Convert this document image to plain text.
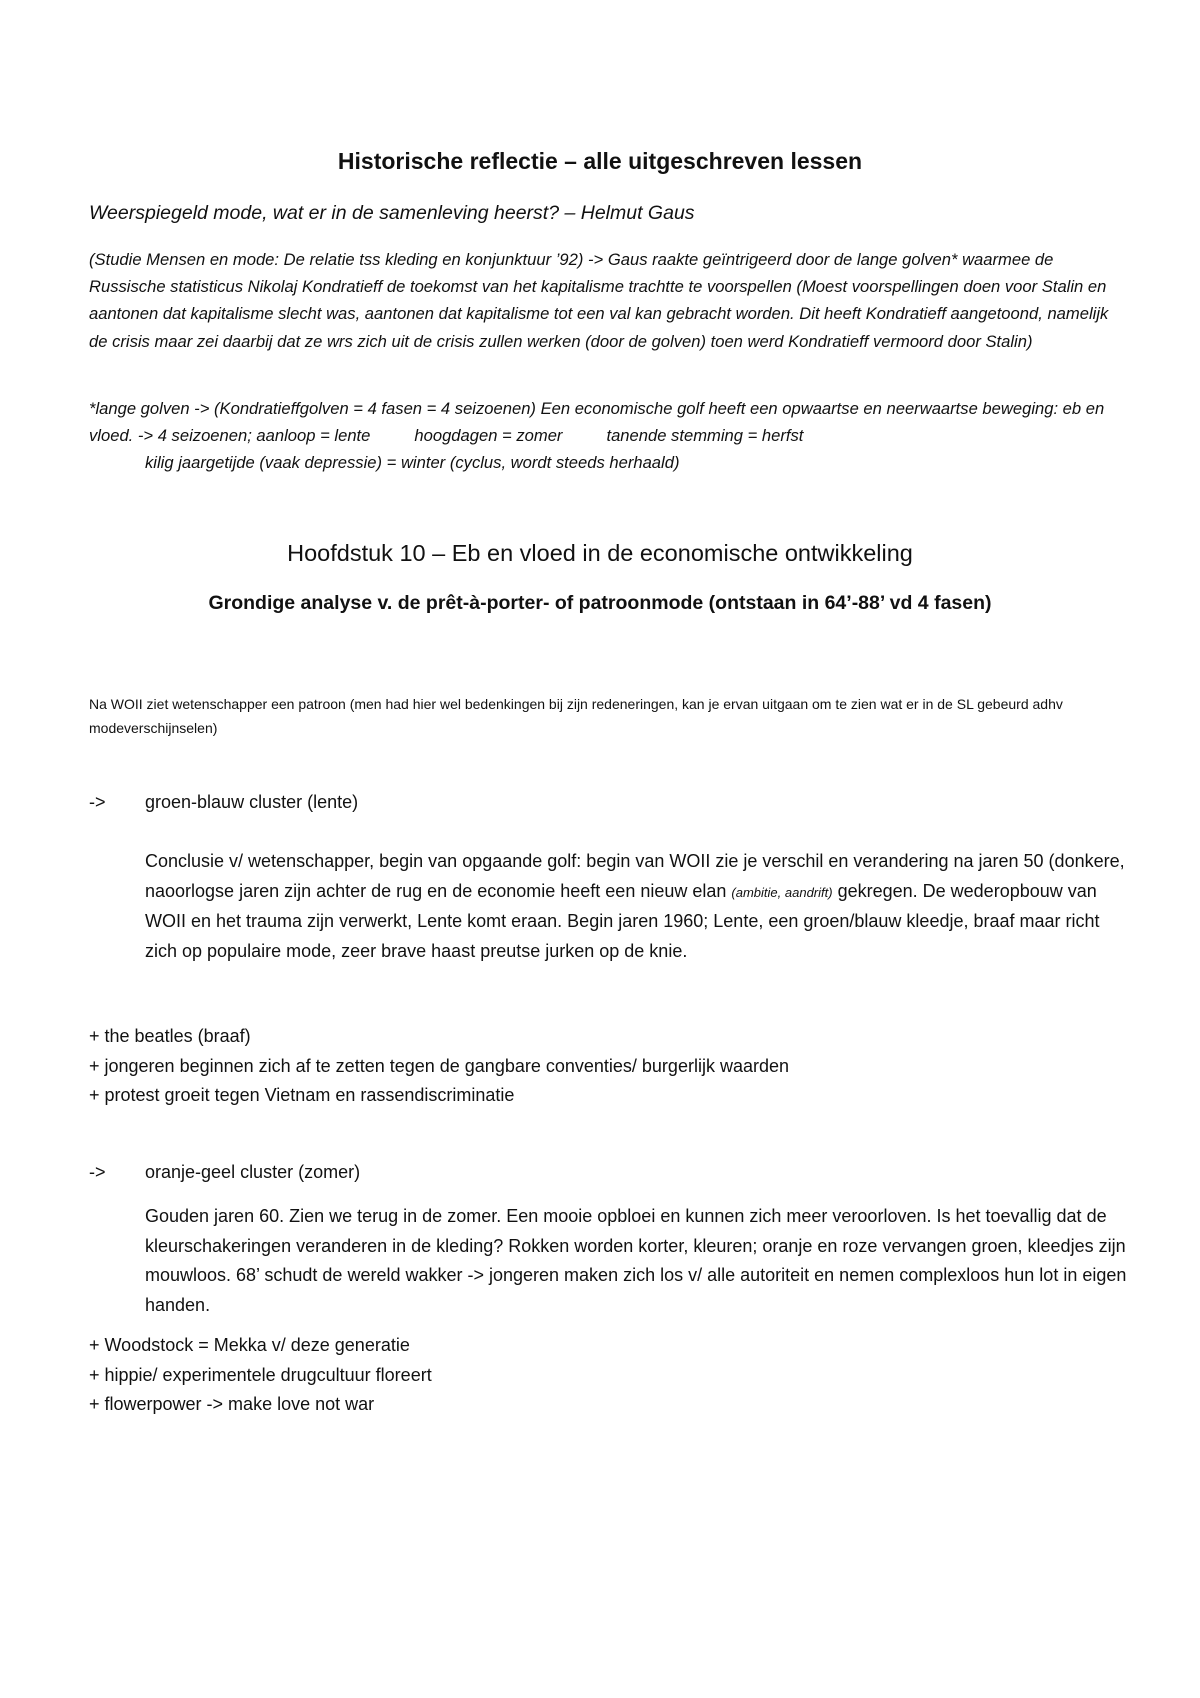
Historische reflectie – alle uitgeschreven lessen
Weerspiegeld mode, wat er in de samenleving heerst? – Helmut Gaus
(Studie Mensen en mode: De relatie tss kleding en konjunktuur ’92) -> Gaus raakte geïntrigeerd door de lange golven* waarmee de Russische statisticus Nikolaj Kondratieff de toekomst van het kapitalisme trachtte te voorspellen (Moest voorspellingen doen voor Stalin en aantonen dat kapitalisme slecht was, aantonen dat kapitalisme tot een val kan gebracht worden. Dit heeft Kondratieff aangetoond, namelijk de crisis maar zei daarbij dat ze wrs zich uit de crisis zullen werken (door de golven) toen werd Kondratieff vermoord door Stalin)
*lange golven -> (Kondratieffgolven = 4 fasen = 4 seizoenen) Een economische golf heeft een opwaartse en neerwaartse beweging: eb en vloed. -> 4 seizoenen; aanloop = lente	hoogdagen = zomer	tanende stemming = herfst
kilig jaargetijde (vaak depressie) = winter (cyclus, wordt steeds herhaald)
Hoofdstuk 10 – Eb en vloed in de economische ontwikkeling
Grondige analyse v. de prêt-à-porter- of patroonmode (ontstaan in 64’-88’ vd 4 fasen)
Na WOII ziet wetenschapper een patroon (men had hier wel bedenkingen bij zijn redeneringen, kan je ervan uitgaan om te zien wat er in de SL gebeurd adhv modeverschijnselen)
-> groen-blauw cluster (lente)
Conclusie v/ wetenschapper, begin van opgaande golf: begin van WOII zie je verschil en verandering na jaren 50 (donkere, naoorlogse jaren zijn achter de rug en de economie heeft een nieuw elan (ambitie, aandrift) gekregen. De wederopbouw van WOII en het trauma zijn verwerkt, Lente komt eraan. Begin jaren 1960; Lente, een groen/blauw kleedje, braaf maar richt zich op populaire mode, zeer brave haast preutse jurken op de knie.
+ the beatles (braaf)
+ jongeren beginnen zich af te zetten tegen de gangbare conventies/ burgerlijk waarden
+ protest groeit tegen Vietnam en rassendiscriminatie
-> oranje-geel cluster (zomer)
Gouden jaren 60. Zien we terug in de zomer. Een mooie opbloei en kunnen zich meer veroorloven. Is het toevallig dat de kleurschakeringen veranderen in de kleding? Rokken worden korter, kleuren; oranje en roze vervangen groen, kleedjes zijn mouwloos. 68’ schudt de wereld wakker -> jongeren maken zich los v/ alle autoriteit en nemen complexloos hun lot in eigen handen.
+ Woodstock = Mekka v/ deze generatie
+ hippie/ experimentele drugcultuur floreert
+ flowerpower -> make love not war
